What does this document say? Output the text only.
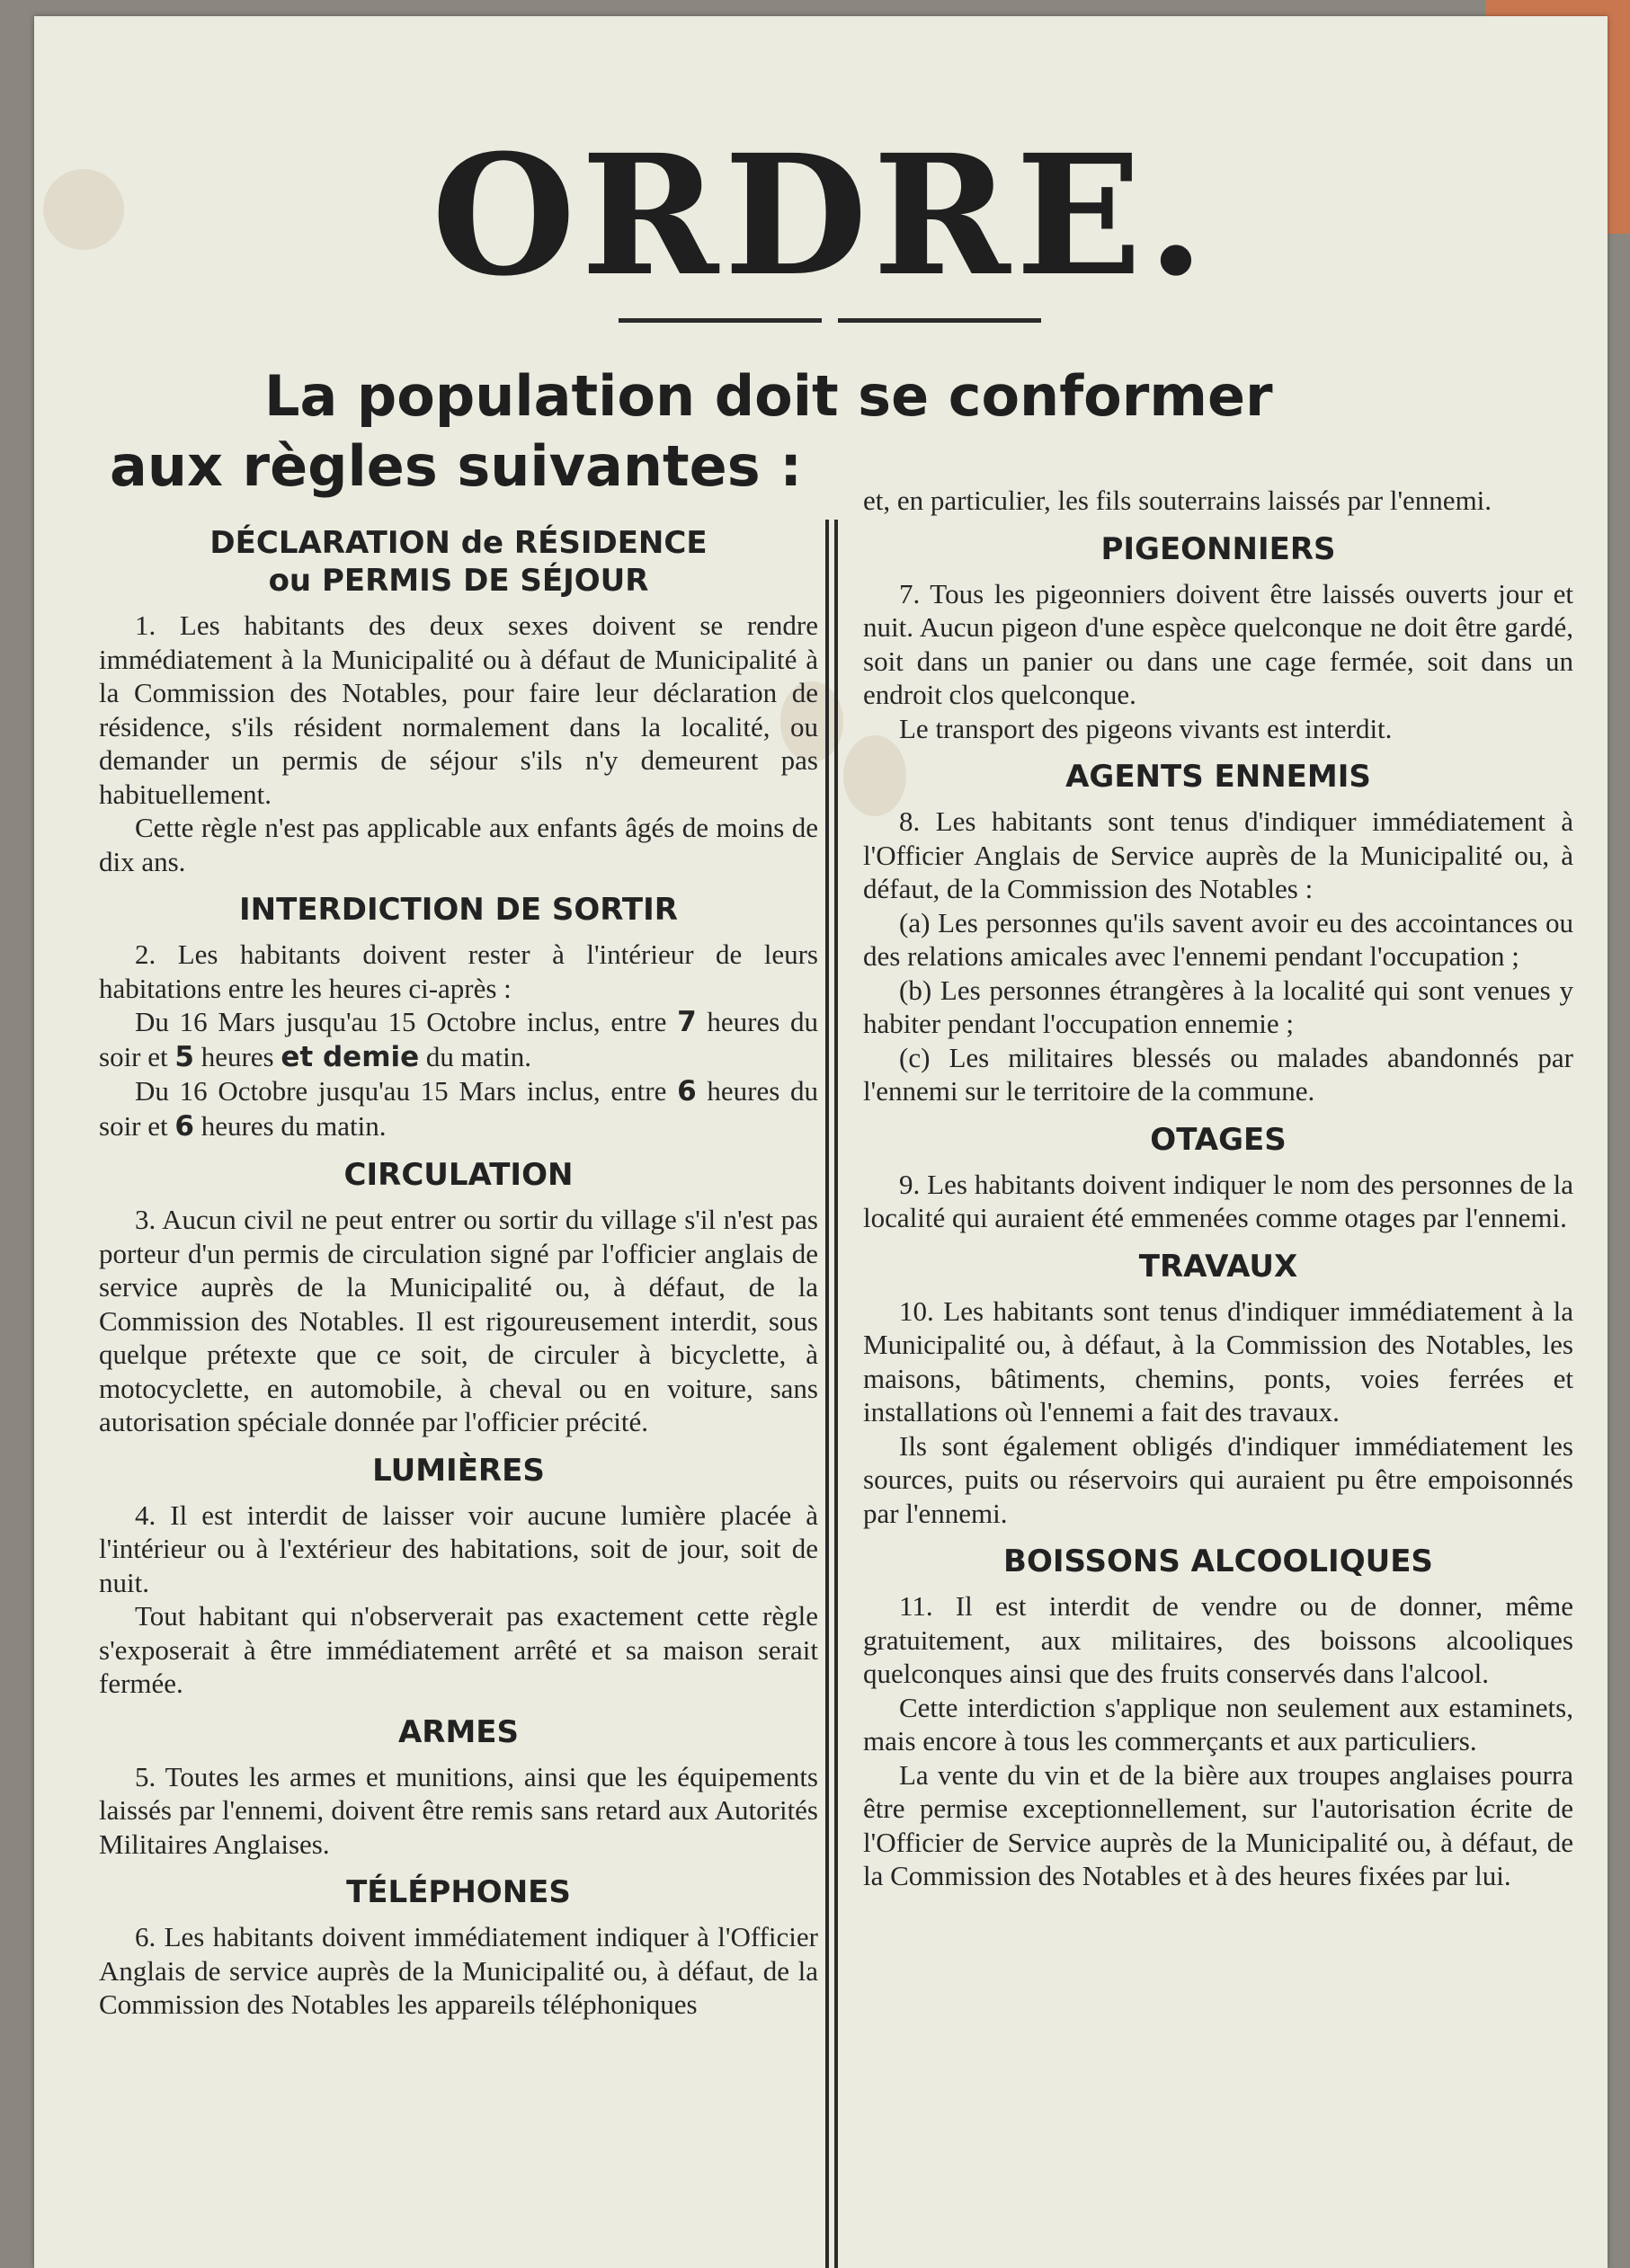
ORDRE.
La population doit se conformer
aux règles suivantes :
DÉCLARATION de RÉSIDENCE
ou PERMIS DE SÉJOUR

1. Les habitants des deux sexes doivent se rendre immédiatement à la Municipalité ou à défaut de Municipalité à la Commission des Notables, pour faire leur déclaration de résidence, s'ils résident normalement dans la localité, ou demander un permis de séjour s'ils n'y demeurent pas habituellement.

Cette règle n'est pas applicable aux enfants âgés de moins de dix ans.

INTERDICTION DE SORTIR

2. Les habitants doivent rester à l'intérieur de leurs habitations entre les heures ci-après :

Du 16 Mars jusqu'au 15 Octobre inclus, entre 7 heures du soir et 5 heures et demie du matin.

Du 16 Octobre jusqu'au 15 Mars inclus, entre 6 heures du soir et 6 heures du matin.

CIRCULATION

3. Aucun civil ne peut entrer ou sortir du village s'il n'est pas porteur d'un permis de circulation signé par l'officier anglais de service auprès de la Municipalité ou, à défaut, de la Commission des Notables. Il est rigoureusement interdit, sous quelque prétexte que ce soit, de circuler à bicyclette, à motocyclette, en automobile, à cheval ou en voiture, sans autorisation spéciale donnée par l'officier précité.

LUMIÈRES

4. Il est interdit de laisser voir aucune lumière placée à l'intérieur ou à l'extérieur des habitations, soit de jour, soit de nuit.

Tout habitant qui n'observerait pas exactement cette règle s'exposerait à être immédiatement arrêté et sa maison serait fermée.

ARMES

5. Toutes les armes et munitions, ainsi que les équipements laissés par l'ennemi, doivent être remis sans retard aux Autorités Militaires Anglaises.

TÉLÉPHONES

6. Les habitants doivent immédiatement indiquer à l'Officier Anglais de service auprès de la Municipalité ou, à défaut, de la Commission des Notables les appareils téléphoniques

et, en particulier, les fils souterrains laissés par l'ennemi.

PIGEONNIERS

7. Tous les pigeonniers doivent être laissés ouverts jour et nuit. Aucun pigeon d'une espèce quelconque ne doit être gardé, soit dans un panier ou dans une cage fermée, soit dans un endroit clos quelconque.

Le transport des pigeons vivants est interdit.

AGENTS ENNEMIS

8. Les habitants sont tenus d'indiquer immédiatement à l'Officier Anglais de Service auprès de la Municipalité ou, à défaut, de la Commission des Notables :

(a) Les personnes qu'ils savent avoir eu des accointances ou des relations amicales avec l'ennemi pendant l'occupation ;

(b) Les personnes étrangères à la localité qui sont venues y habiter pendant l'occupation ennemie ;

(c) Les militaires blessés ou malades abandonnés par l'ennemi sur le territoire de la commune.

OTAGES

9. Les habitants doivent indiquer le nom des personnes de la localité qui auraient été emmenées comme otages par l'ennemi.

TRAVAUX

10. Les habitants sont tenus d'indiquer immédiatement à la Municipalité ou, à défaut, à la Commission des Notables, les maisons, bâtiments, chemins, ponts, voies ferrées et installations où l'ennemi a fait des travaux.

Ils sont également obligés d'indiquer immédiatement les sources, puits ou réservoirs qui auraient pu être empoisonnés par l'ennemi.

BOISSONS ALCOOLIQUES

11. Il est interdit de vendre ou de donner, même gratuitement, aux militaires, des boissons alcooliques quelconques ainsi que des fruits conservés dans l'alcool.

Cette interdiction s'applique non seulement aux estaminets, mais encore à tous les commerçants et aux particuliers.

La vente du vin et de la bière aux troupes anglaises pourra être permise exceptionnellement, sur l'autorisation écrite de l'Officier de Service auprès de la Municipalité ou, à défaut, de la Commission des Notables et à des heures fixées par lui.
